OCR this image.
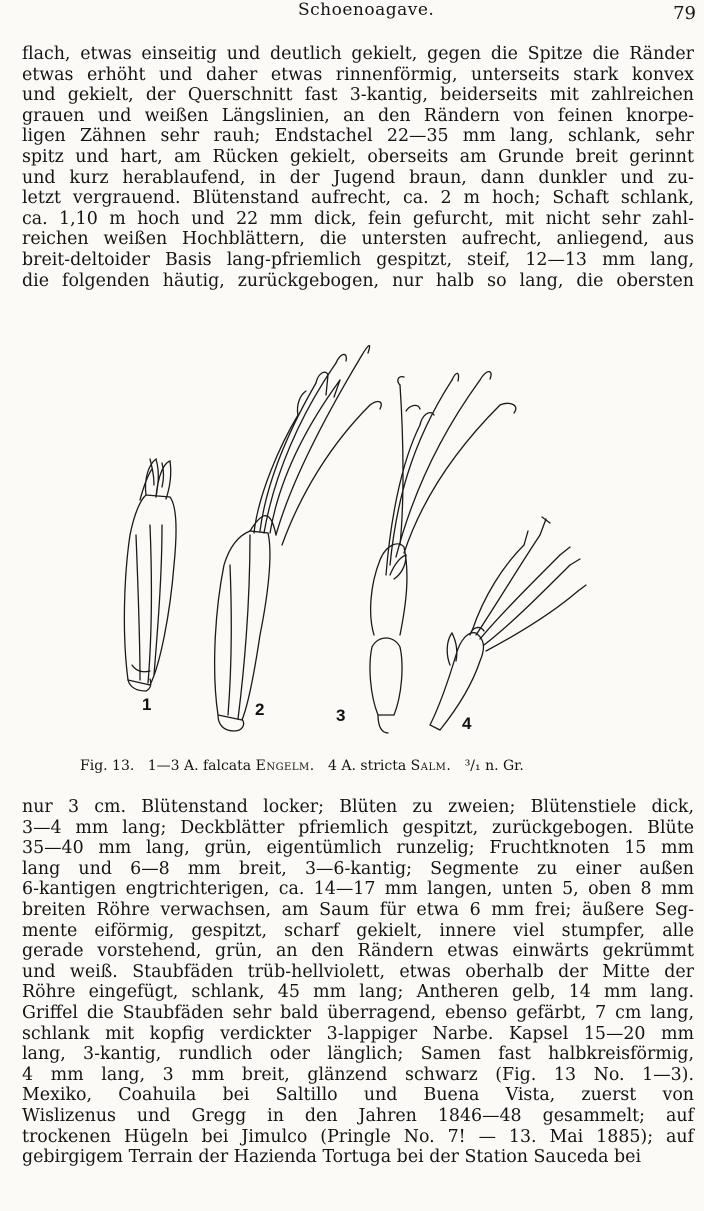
Schoenoagave.	79
flach, etwas einseitig und deutlich gekielt, gegen die Spitze die Ränder
etwas erhöht und daher etwas rinnenförmig, unterseits stark konvex
und gekielt, der Querschnitt fast 3-kantig, beiderseits mit zahlreichen
grauen und weißen Längslinien, an den Rändern von feinen knorpe-
ligen Zähnen sehr rauh; Endstachel 22—35 mm lang, schlank, sehr
spitz und hart, am Rücken gekielt, oberseits am Grunde breit gerinnt
und kurz herablaufend, in der Jugend braun, dann dunkler und zu-
letzt vergrauend. Blütenstand aufrecht, ca. 2 m hoch; Schaft schlank,
ca. 1,10 m hoch und 22 mm dick, fein gefurcht, mit nicht sehr zahl-
reichen weißen Hochblättern, die untersten aufrecht, anliegend, aus
breit-deltoider Basis lang-pfriemlich gespitzt, steif, 12—13 mm lang,
die folgenden häutig, zurückgebogen, nur halb so lang, die obersten
1	2	3	4
Fig. 13. 1—3 A. falcata Engelm. 4 A. stricta Salm. ³/₁ n. Gr.
nur 3 cm. Blütenstand locker; Blüten zu zweien; Blütenstiele dick,
3—4 mm lang; Deckblätter pfriemlich gespitzt, zurückgebogen. Blüte
35—40 mm lang, grün, eigentümlich runzelig; Fruchtknoten 15 mm
lang und 6—8 mm breit, 3—6-kantig; Segmente zu einer außen
6-kantigen engtrichterigen, ca. 14—17 mm langen, unten 5, oben 8 mm
breiten Röhre verwachsen, am Saum für etwa 6 mm frei; äußere Seg-
mente eiförmig, gespitzt, scharf gekielt, innere viel stumpfer, alle
gerade vorstehend, grün, an den Rändern etwas einwärts gekrümmt
und weiß. Staubfäden trüb-hellviolett, etwas oberhalb der Mitte der
Röhre eingefügt, schlank, 45 mm lang; Antheren gelb, 14 mm lang.
Griffel die Staubfäden sehr bald überragend, ebenso gefärbt, 7 cm lang,
schlank mit kopfig verdickter 3-lappiger Narbe. Kapsel 15—20 mm
lang, 3-kantig, rundlich oder länglich; Samen fast halbkreisförmig,
4 mm lang, 3 mm breit, glänzend schwarz (Fig. 13 No. 1—3).
Mexiko, Coahuila bei Saltillo und Buena Vista, zuerst von
Wislizenus und Gregg in den Jahren 1846—48 gesammelt; auf
trockenen Hügeln bei Jimulco (Pringle No. 7! — 13. Mai 1885); auf
gebirgigem Terrain der Hazienda Tortuga bei der Station Sauceda bei
